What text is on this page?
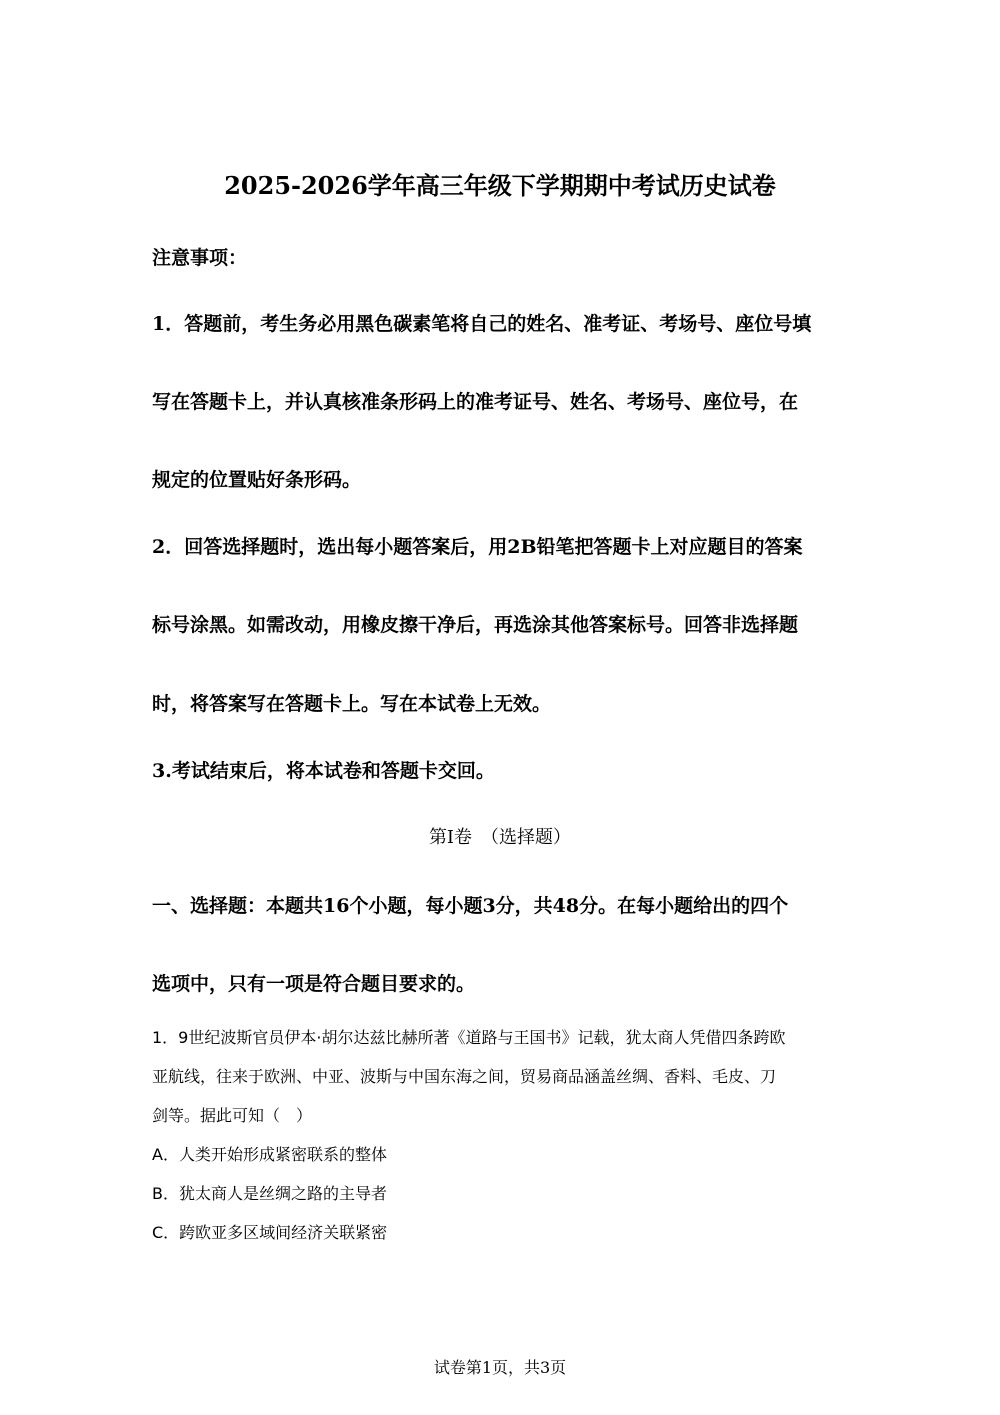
2025-2026学年高三年级下学期期中考试历史试卷
注意事项：
1．答题前，考生务必用黑色碳素笔将自己的姓名、准考证、考场号、座位号填
写在答题卡上，并认真核准条形码上的准考证号、姓名、考场号、座位号，在
规定的位置贴好条形码。
2．回答选择题时，选出每小题答案后，用2B铅笔把答题卡上对应题目的答案
标号涂黑。如需改动，用橡皮擦干净后，再选涂其他答案标号。回答非选择题
时，将答案写在答题卡上。写在本试卷上无效。
3.考试结束后，将本试卷和答题卡交回。
第I卷　（选择题）
一、选择题：本题共16个小题，每小题3分，共48分。在每小题给出的四个
选项中，只有一项是符合题目要求的。
1．9世纪波斯官员伊本·胡尔达兹比赫所著《道路与王国书》记载，犹太商人凭借四条跨欧
亚航线，往来于欧洲、中亚、波斯与中国东海之间，贸易商品涵盖丝绸、香料、毛皮、刀
剑等。据此可知（　）
A．人类开始形成紧密联系的整体
B．犹太商人是丝绸之路的主导者
C．跨欧亚多区域间经济关联紧密
试卷第1页，共3页
